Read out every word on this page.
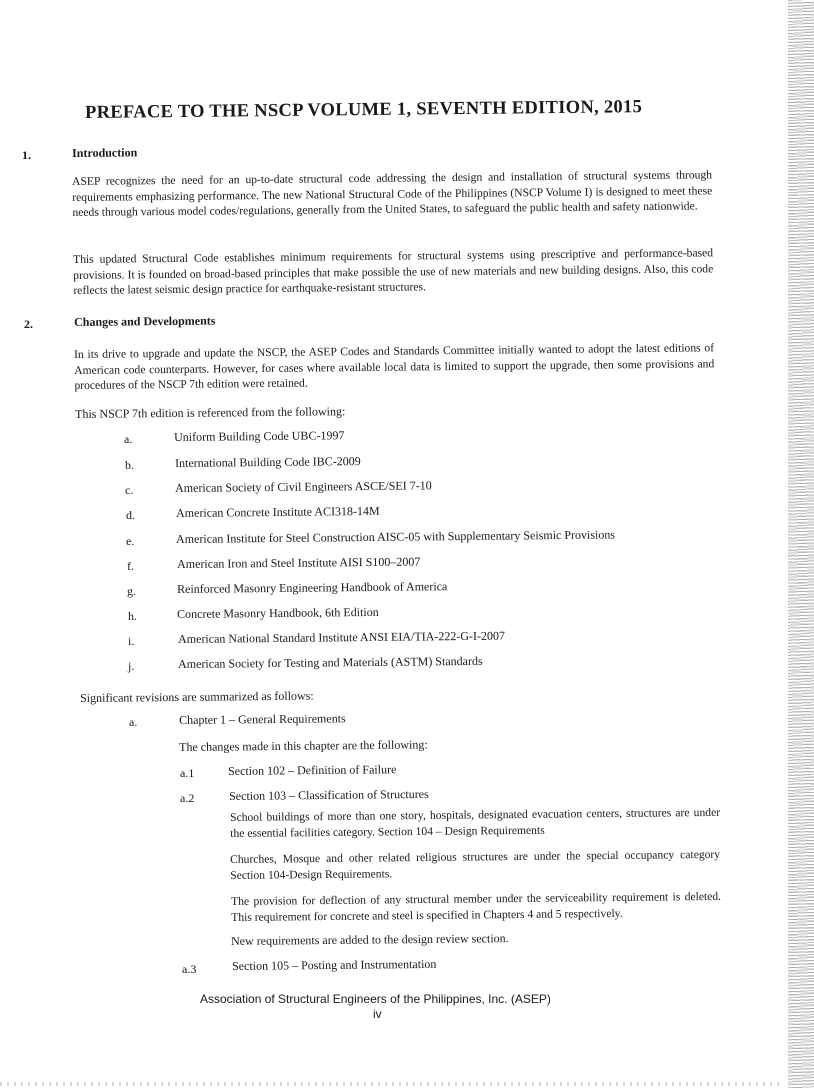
PREFACE TO THE NSCP VOLUME 1, SEVENTH EDITION, 2015
1.	Introduction
ASEP recognizes the need for an up-to-date structural code addressing the design and installation of structural systems through requirements emphasizing performance. The new National Structural Code of the Philippines (NSCP Volume I) is designed to meet these needs through various model codes/regulations, generally from the United States, to safeguard the public health and safety nationwide.
This updated Structural Code establishes minimum requirements for structural systems using prescriptive and performance-based provisions. It is founded on broad-based principles that make possible the use of new materials and new building designs. Also, this code reflects the latest seismic design practice for earthquake-resistant structures.
2.	Changes and Developments
In its drive to upgrade and update the NSCP, the ASEP Codes and Standards Committee initially wanted to adopt the latest editions of American code counterparts. However, for cases where available local data is limited to support the upgrade, then some provisions and procedures of the NSCP 7th edition were retained.
This NSCP 7th edition is referenced from the following:
a.	Uniform Building Code UBC-1997
b.	International Building Code IBC-2009
c.	American Society of Civil Engineers ASCE/SEI 7-10
d.	American Concrete Institute ACI318-14M
e.	American Institute for Steel Construction AISC-05 with Supplementary Seismic Provisions
f.	American Iron and Steel Institute AISI S100–2007
g.	Reinforced Masonry Engineering Handbook of America
h.	Concrete Masonry Handbook, 6th Edition
i.	American National Standard Institute ANSI EIA/TIA-222-G-I-2007
j.	American Society for Testing and Materials (ASTM) Standards
Significant revisions are summarized as follows:
a.	Chapter 1 – General Requirements
The changes made in this chapter are the following:
a.1	Section 102 – Definition of Failure
a.2	Section 103 – Classification of Structures
School buildings of more than one story, hospitals, designated evacuation centers, structures are under the essential facilities category. Section 104 – Design Requirements
Churches, Mosque and other related religious structures are under the special occupancy category Section 104-Design Requirements.
The provision for deflection of any structural member under the serviceability requirement is deleted. This requirement for concrete and steel is specified in Chapters 4 and 5 respectively.
New requirements are added to the design review section.
a.3	Section 105 – Posting and Instrumentation
Association of Structural Engineers of the Philippines, Inc. (ASEP)
iv
